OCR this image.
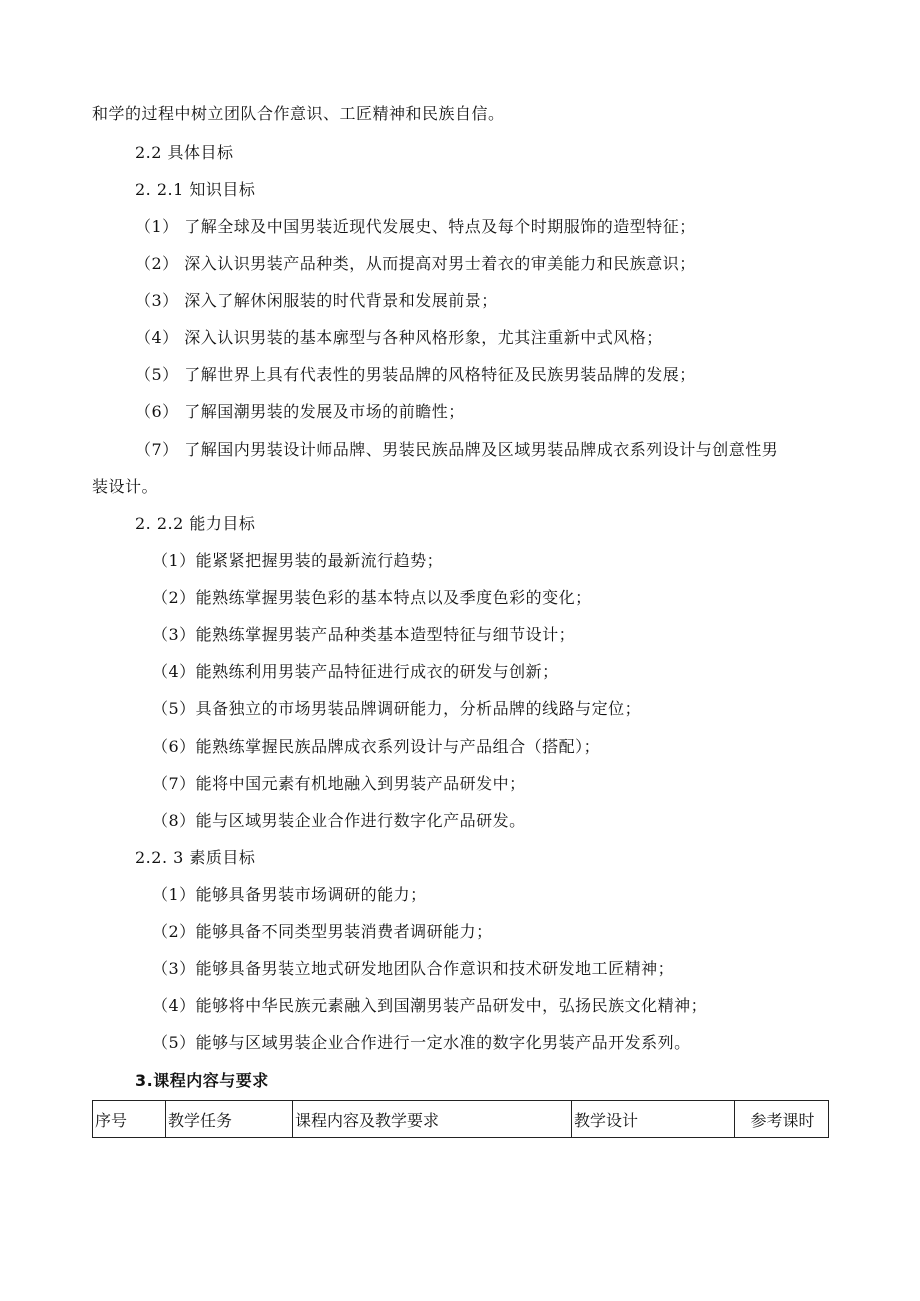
和学的过程中树立团队合作意识、工匠精神和民族自信。
2.2 具体目标
2. 2.1 知识目标
（1） 了解全球及中国男装近现代发展史、特点及每个时期服饰的造型特征；
（2） 深入认识男装产品种类，从而提高对男士着衣的审美能力和民族意识；
（3） 深入了解休闲服装的时代背景和发展前景；
（4） 深入认识男装的基本廓型与各种风格形象，尤其注重新中式风格；
（5） 了解世界上具有代表性的男装品牌的风格特征及民族男装品牌的发展；
（6） 了解国潮男装的发展及市场的前瞻性；
（7） 了解国内男装设计师品牌、男装民族品牌及区域男装品牌成衣系列设计与创意性男
装设计。
2. 2.2 能力目标
（1）能紧紧把握男装的最新流行趋势；
（2）能熟练掌握男装色彩的基本特点以及季度色彩的变化；
（3）能熟练掌握男装产品种类基本造型特征与细节设计；
（4）能熟练利用男装产品特征进行成衣的研发与创新；
（5）具备独立的市场男装品牌调研能力，分析品牌的线路与定位；
（6）能熟练掌握民族品牌成衣系列设计与产品组合（搭配）；
（7）能将中国元素有机地融入到男装产品研发中；
（8）能与区域男装企业合作进行数字化产品研发。
2.2. 3 素质目标
（1）能够具备男装市场调研的能力；
（2）能够具备不同类型男装消费者调研能力；
（3）能够具备男装立地式研发地团队合作意识和技术研发地工匠精神；
（4）能够将中华民族元素融入到国潮男装产品研发中，弘扬民族文化精神；
（5）能够与区域男装企业合作进行一定水准的数字化男装产品开发系列。
3.课程内容与要求
序号	教学任务	课程内容及教学要求	教学设计	参考课时
